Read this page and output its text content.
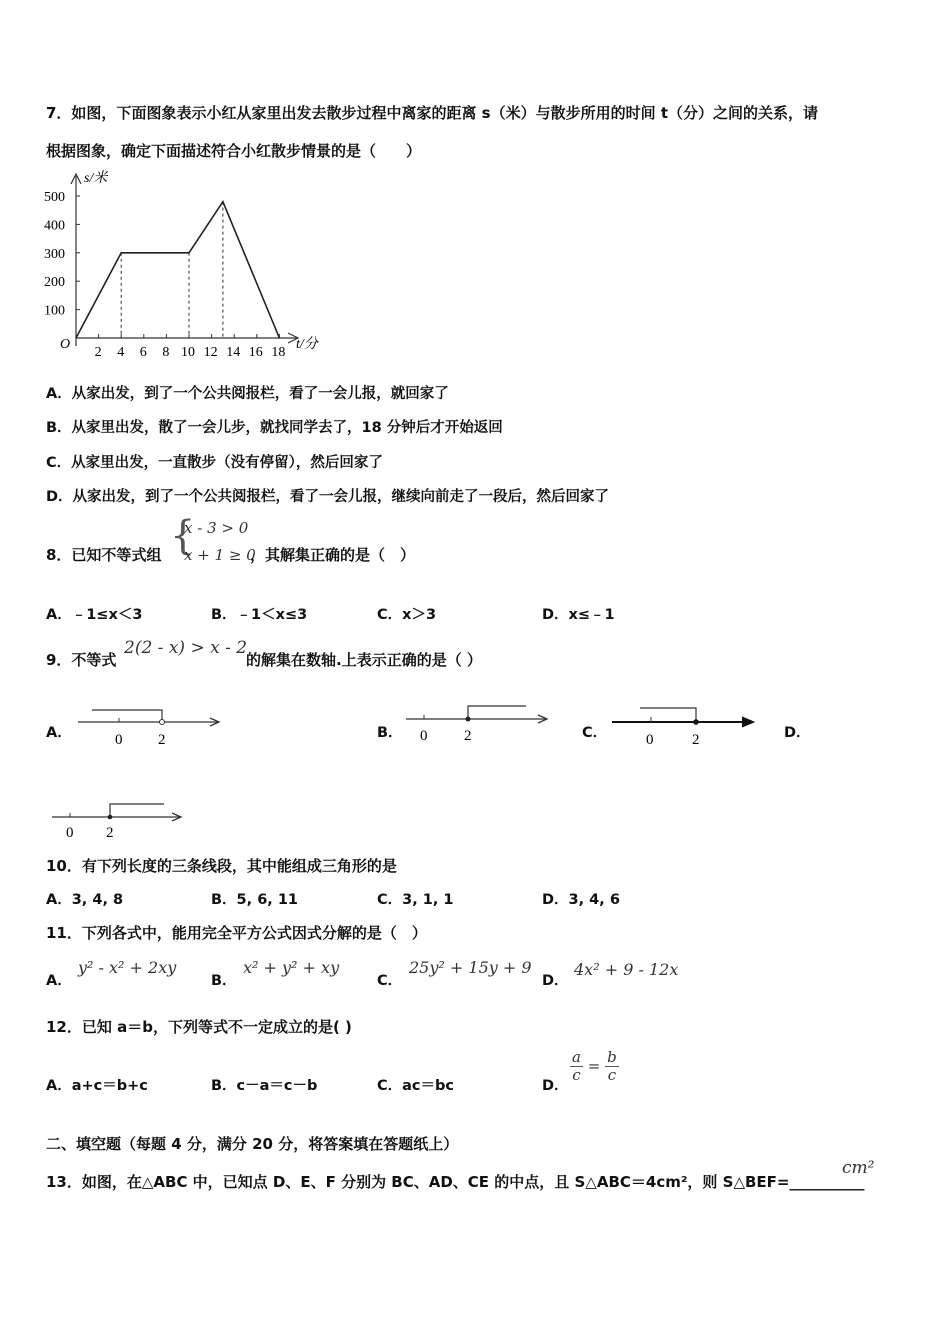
7．如图，下面图象表示小红从家里出发去散步过程中离家的距离 s（米）与散步所用的时间 t（分）之间的关系，请
根据图象，确定下面描述符合小红散步情景的是（　　）
s/米
t/分
O
500
400
300
200
100
2 4 6 8 10 12 14 16 18
A．从家出发，到了一个公共阅报栏，看了一会儿报，就回家了
B．从家里出发，散了一会儿步，就找同学去了，18 分钟后才开始返回
C．从家里出发，一直散步（没有停留），然后回家了
D．从家出发，到了一个公共阅报栏，看了一会儿报，继续向前走了一段后，然后回家了
8．已知不等式组 {
x - 3 > 0
x + 1 ≥ 0
，其解集正确的是（　）
A．﹣1≤x＜3	B．﹣1＜x≤3	C．x＞3	D．x≤﹣1
9．不等式
2(2 - x) > x - 2
的解集在数轴.上表示正确的是（ ）
A．	0 2	B． 0 2	C．	0	2	D．
0 2
10．有下列长度的三条线段，其中能组成三角形的是
A．3, 4, 8	B．5, 6, 11	C．3, 1, 1	D．3, 4, 6
11．下列各式中，能用完全平方公式因式分解的是（　）
A．
y² - x² + 2xy
B．
x² + y² + xy
C．
25y² + 15y + 9
D．
4x² + 9 - 12x
12．已知 a＝b，下列等式不一定成立的是( )
A．a+c＝b+c	B．c－a＝c－b	C．ac＝bc	D．
$\frac{a}{c} = \frac{b}{c}$
二、填空题（每题 4 分，满分 20 分，将答案填在答题纸上）
13．如图，在△ABC 中，已知点 D、E、F 分别为 BC、AD、CE 的中点，且 S△ABC＝4cm²，则 S△BEF=__________
cm²
